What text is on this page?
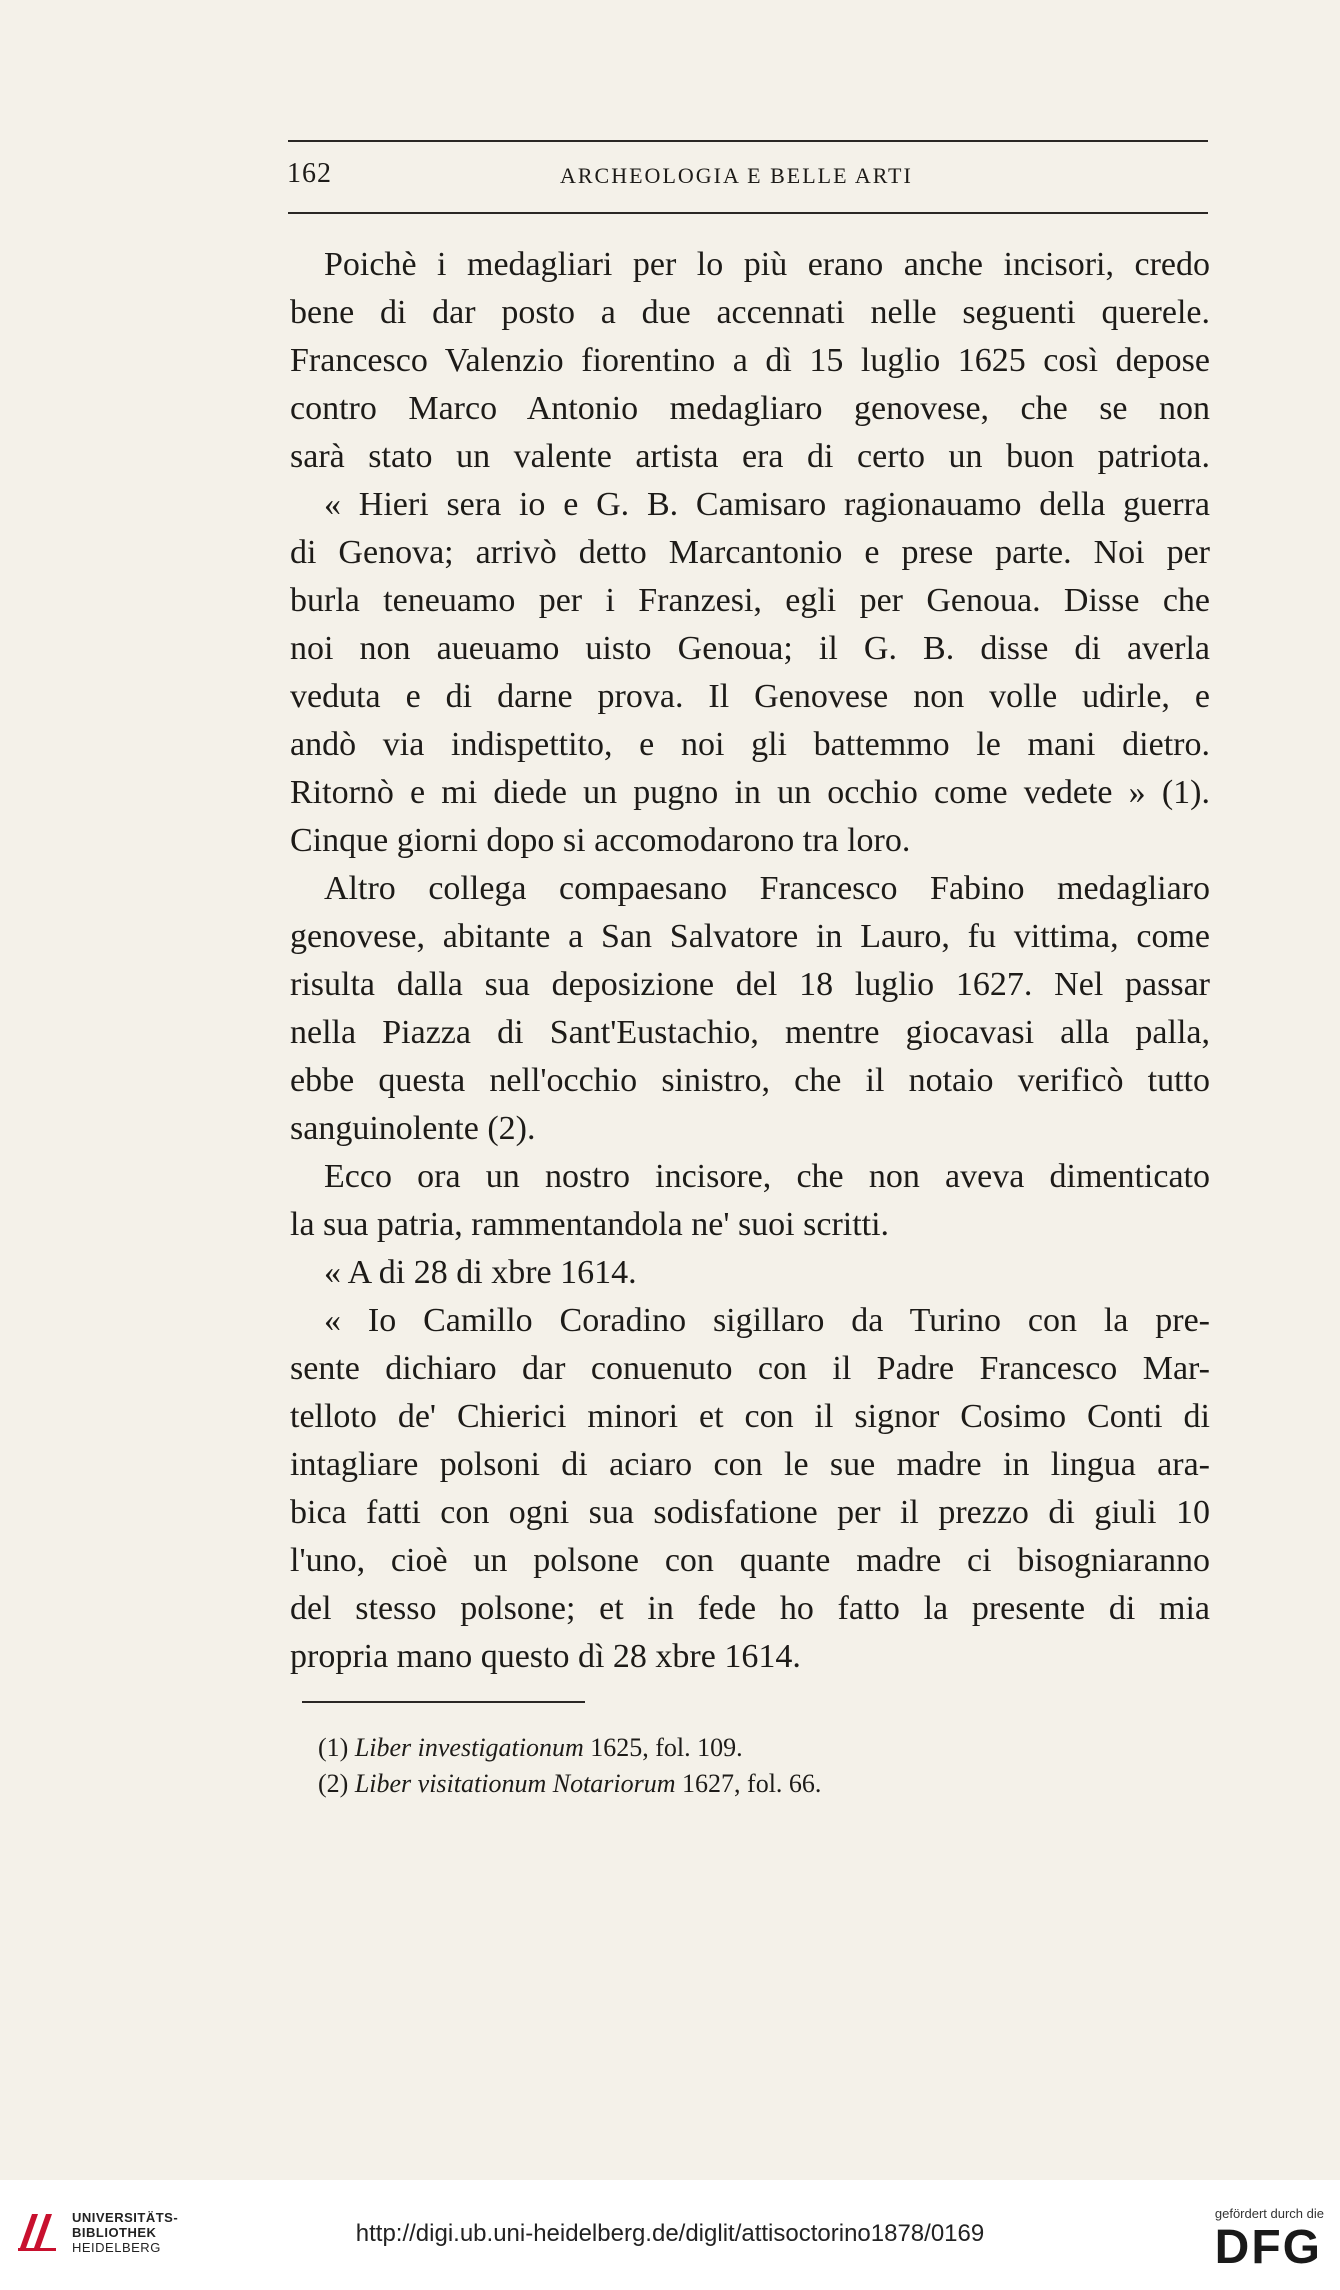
162	ARCHEOLOGIA E BELLE ARTI
Poichè i medagliari per lo più erano anche incisori, credo
bene di dar posto a due accennati nelle seguenti querele.
Francesco Valenzio fiorentino a dì 15 luglio 1625 così depose
contro Marco Antonio medagliaro genovese, che se non
sarà stato un valente artista era di certo un buon patriota.
« Hieri sera io e G. B. Camisaro ragionauamo della guerra
di Genova; arrivò detto Marcantonio e prese parte. Noi per
burla teneuamo per i Franzesi, egli per Genoua. Disse che
noi non aueuamo uisto Genoua; il G. B. disse di averla
veduta e di darne prova. Il Genovese non volle udirle, e
andò via indispettito, e noi gli battemmo le mani dietro.
Ritornò e mi diede un pugno in un occhio come vedete » (1).
Cinque giorni dopo si accomodarono tra loro.
Altro collega compaesano Francesco Fabino medagliaro
genovese, abitante a San Salvatore in Lauro, fu vittima, come
risulta dalla sua deposizione del 18 luglio 1627. Nel passar
nella Piazza di Sant'Eustachio, mentre giocavasi alla palla,
ebbe questa nell'occhio sinistro, che il notaio verificò tutto
sanguinolente (2).
Ecco ora un nostro incisore, che non aveva dimenticato
la sua patria, rammentandola ne' suoi scritti.
« A di 28 di xbre 1614.
« Io Camillo Coradino sigillaro da Turino con la pre-
sente dichiaro dar conuenuto con il Padre Francesco Mar-
telloto de' Chierici minori et con il signor Cosimo Conti di
intagliare polsoni di aciaro con le sue madre in lingua ara-
bica fatti con ogni sua sodisfatione per il prezzo di giuli 10
l'uno, cioè un polsone con quante madre ci bisogniaranno
del stesso polsone; et in fede ho fatto la presente di mia
propria mano questo dì 28 xbre 1614.
(1) Liber investigationum 1625, fol. 109.
(2) Liber visitationum Notariorum 1627, fol. 66.
UNIVERSITÄTS-
BIBLIOTHEK
HEIDELBERG
http://digi.ub.uni-heidelberg.de/diglit/attisoctorino1878/0169
gefördert durch die
DFG
